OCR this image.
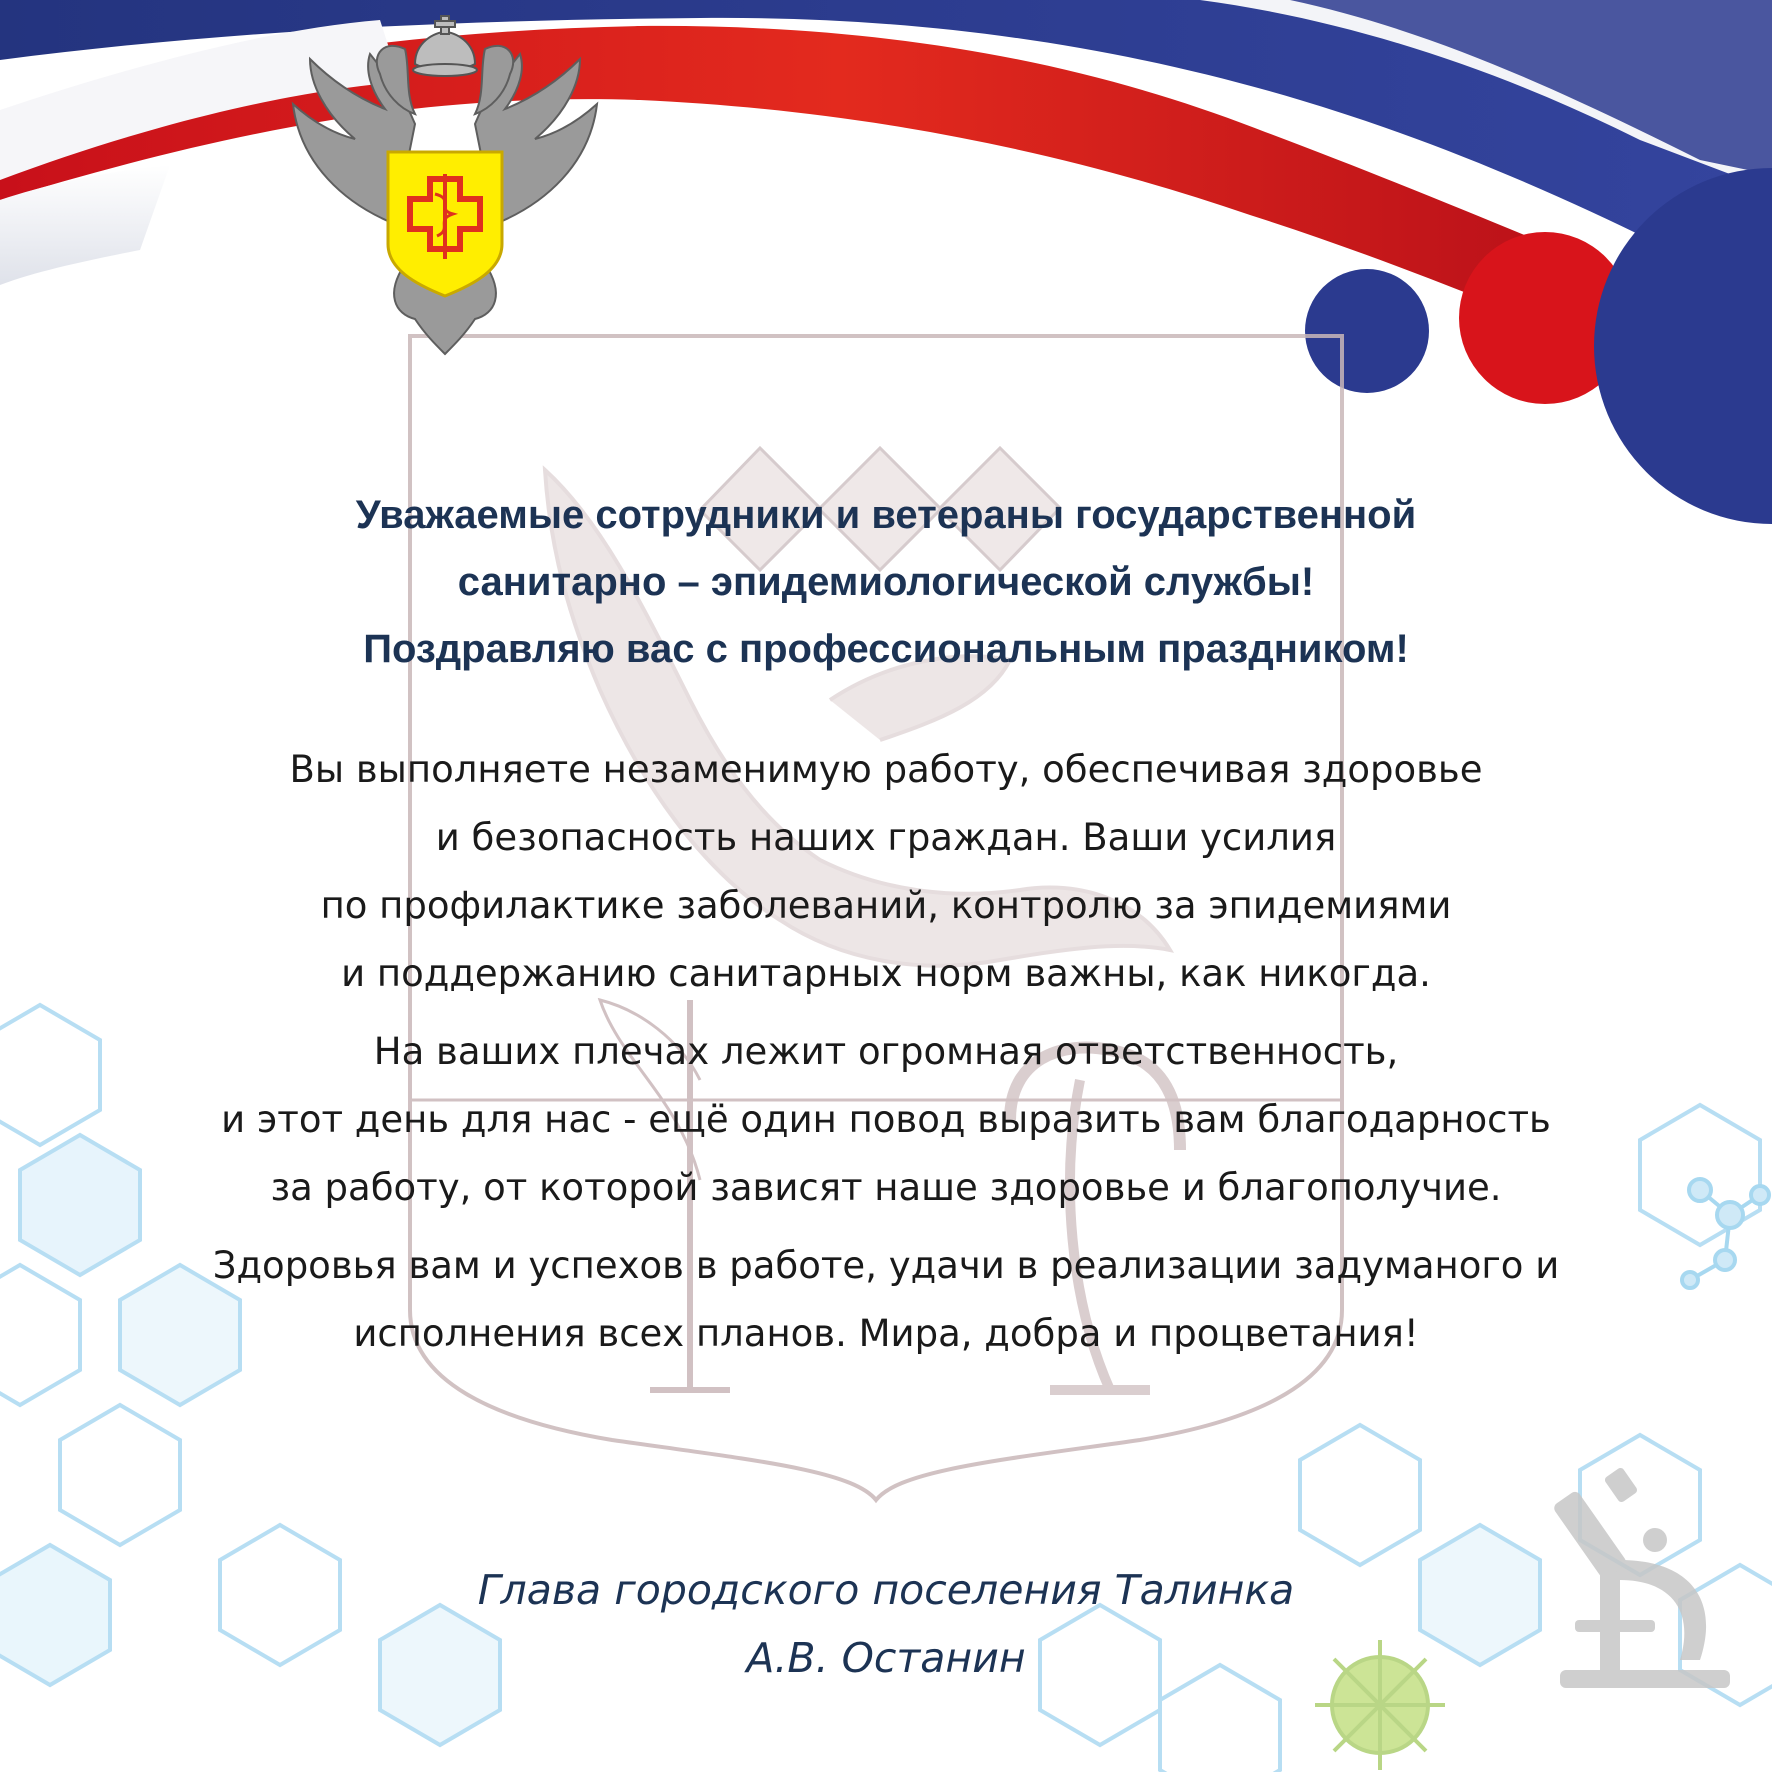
Уважаемые сотрудники и ветераны государственной
санитарно – эпидемиологической службы!
Поздравляю вас с профессиональным праздником!

Вы выполняете незаменимую работу, обеспечивая здоровье
и безопасность наших граждан. Ваши усилия
по профилактике заболеваний, контролю за эпидемиями
и поддержанию санитарных норм важны, как никогда.

На ваших плечах лежит огромная ответственность,
и этот день для нас - ещё один повод выразить вам благодарность
за работу, от которой зависят наше здоровье и благополучие.

Здоровья вам и успехов в работе, удачи в реализации задуманого и
исполнения всех планов. Мира, добра и процветания!

Глава городского поселения Талинка
А.В. Останин
